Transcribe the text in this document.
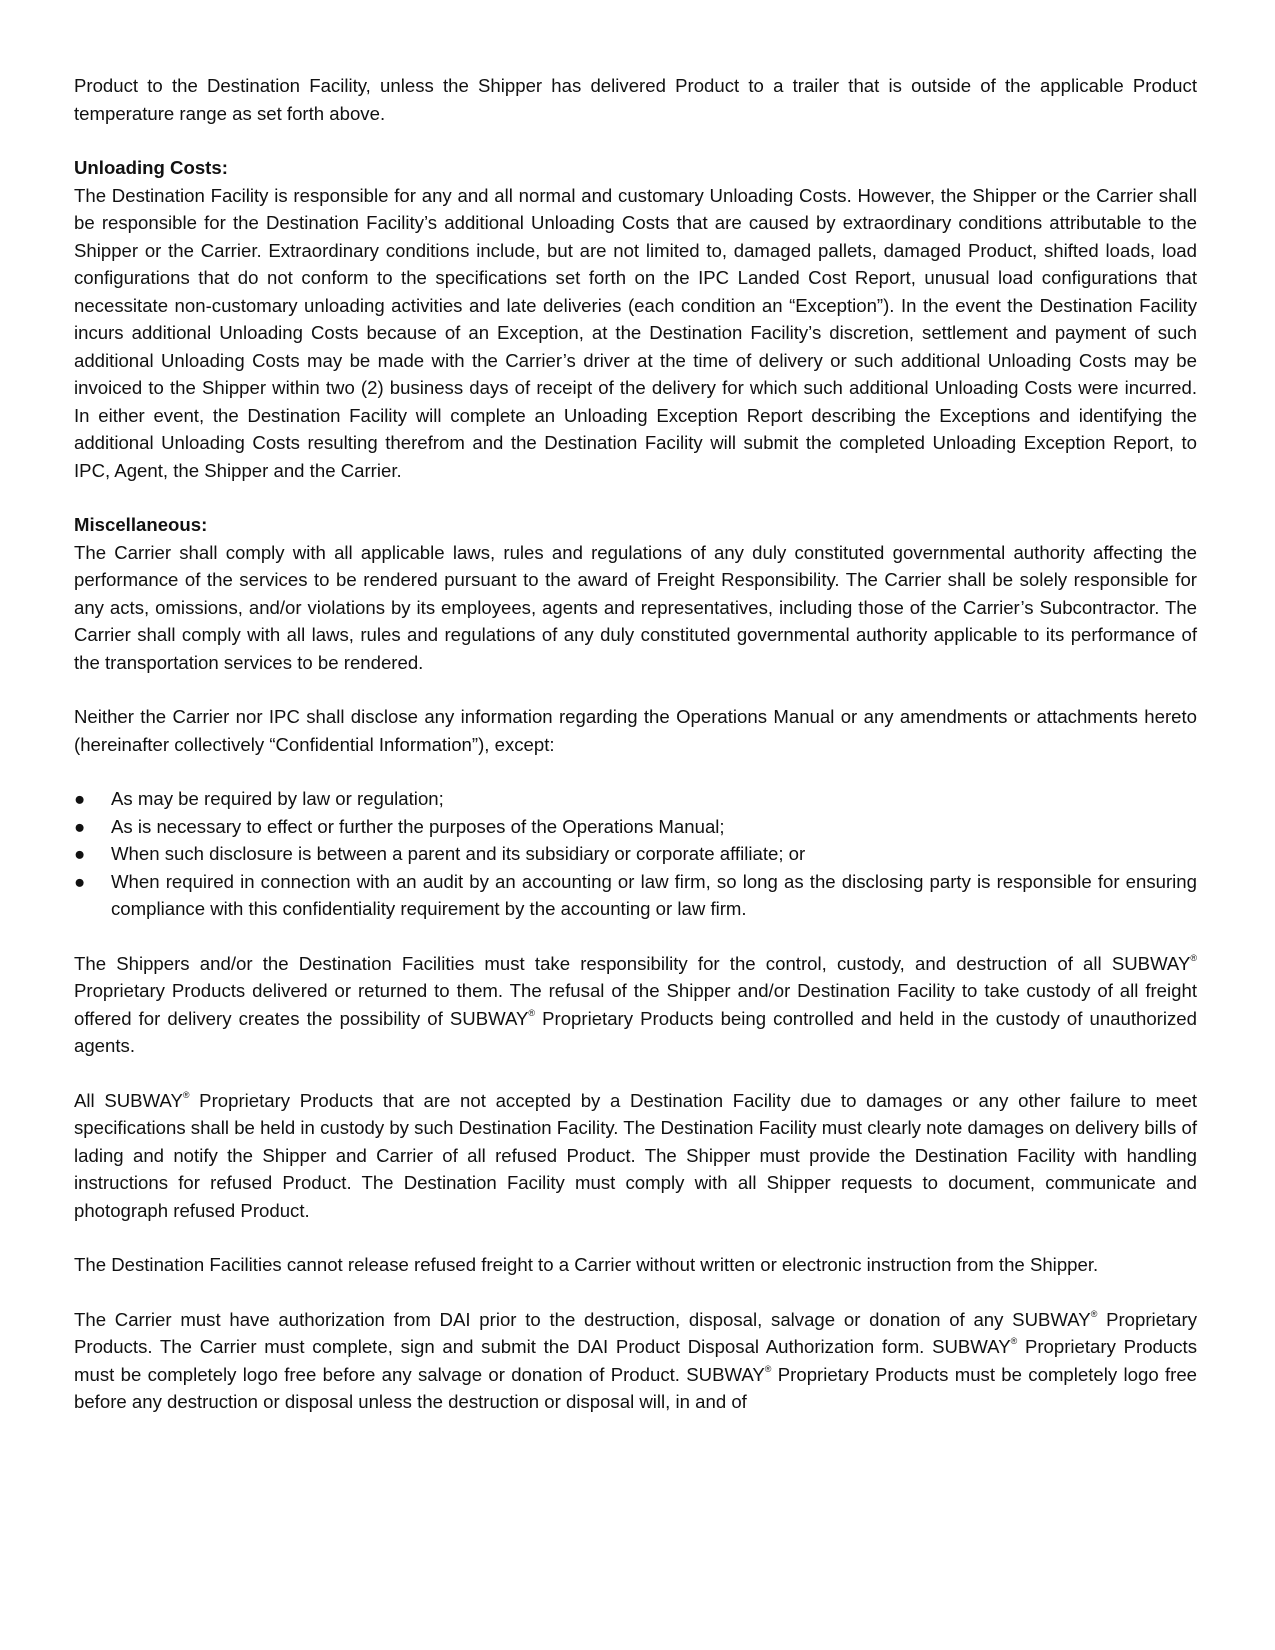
Product to the Destination Facility, unless the Shipper has delivered Product to a trailer that is outside of the applicable Product temperature range as set forth above.

Unloading Costs:
The Destination Facility is responsible for any and all normal and customary Unloading Costs. However, the Shipper or the Carrier shall be responsible for the Destination Facility’s additional Unloading Costs that are caused by extraordinary conditions attributable to the Shipper or the Carrier. Extraordinary conditions include, but are not limited to, damaged pallets, damaged Product, shifted loads, load configurations that do not conform to the specifications set forth on the IPC Landed Cost Report, unusual load configurations that necessitate non-customary unloading activities and late deliveries (each condition an “Exception”). In the event the Destination Facility incurs additional Unloading Costs because of an Exception, at the Destination Facility’s discretion, settlement and payment of such additional Unloading Costs may be made with the Carrier’s driver at the time of delivery or such additional Unloading Costs may be invoiced to the Shipper within two (2) business days of receipt of the delivery for which such additional Unloading Costs were incurred. In either event, the Destination Facility will complete an Unloading Exception Report describing the Exceptions and identifying the additional Unloading Costs resulting therefrom and the Destination Facility will submit the completed Unloading Exception Report, to IPC, Agent, the Shipper and the Carrier.

Miscellaneous:
The Carrier shall comply with all applicable laws, rules and regulations of any duly constituted governmental authority affecting the performance of the services to be rendered pursuant to the award of Freight Responsibility. The Carrier shall be solely responsible for any acts, omissions, and/or violations by its employees, agents and representatives, including those of the Carrier’s Subcontractor. The Carrier shall comply with all laws, rules and regulations of any duly constituted governmental authority applicable to its performance of the transportation services to be rendered.

Neither the Carrier nor IPC shall disclose any information regarding the Operations Manual or any amendments or attachments hereto (hereinafter collectively “Confidential Information”), except:

●	As may be required by law or regulation;
●	As is necessary to effect or further the purposes of the Operations Manual;
●	When such disclosure is between a parent and its subsidiary or corporate affiliate; or
●	When required in connection with an audit by an accounting or law firm, so long as the disclosing party is responsible for ensuring compliance with this confidentiality requirement by the accounting or law firm.

The Shippers and/or the Destination Facilities must take responsibility for the control, custody, and destruction of all SUBWAY® Proprietary Products delivered or returned to them. The refusal of the Shipper and/or Destination Facility to take custody of all freight offered for delivery creates the possibility of SUBWAY® Proprietary Products being controlled and held in the custody of unauthorized agents.

All SUBWAY® Proprietary Products that are not accepted by a Destination Facility due to damages or any other failure to meet specifications shall be held in custody by such Destination Facility. The Destination Facility must clearly note damages on delivery bills of lading and notify the Shipper and Carrier of all refused Product. The Shipper must provide the Destination Facility with handling instructions for refused Product. The Destination Facility must comply with all Shipper requests to document, communicate and photograph refused Product.

The Destination Facilities cannot release refused freight to a Carrier without written or electronic instruction from the Shipper.

The Carrier must have authorization from DAI prior to the destruction, disposal, salvage or donation of any SUBWAY® Proprietary Products. The Carrier must complete, sign and submit the DAI Product Disposal Authorization form. SUBWAY® Proprietary Products must be completely logo free before any salvage or donation of Product. SUBWAY® Proprietary Products must be completely logo free before any destruction or disposal unless the destruction or disposal will, in and of
